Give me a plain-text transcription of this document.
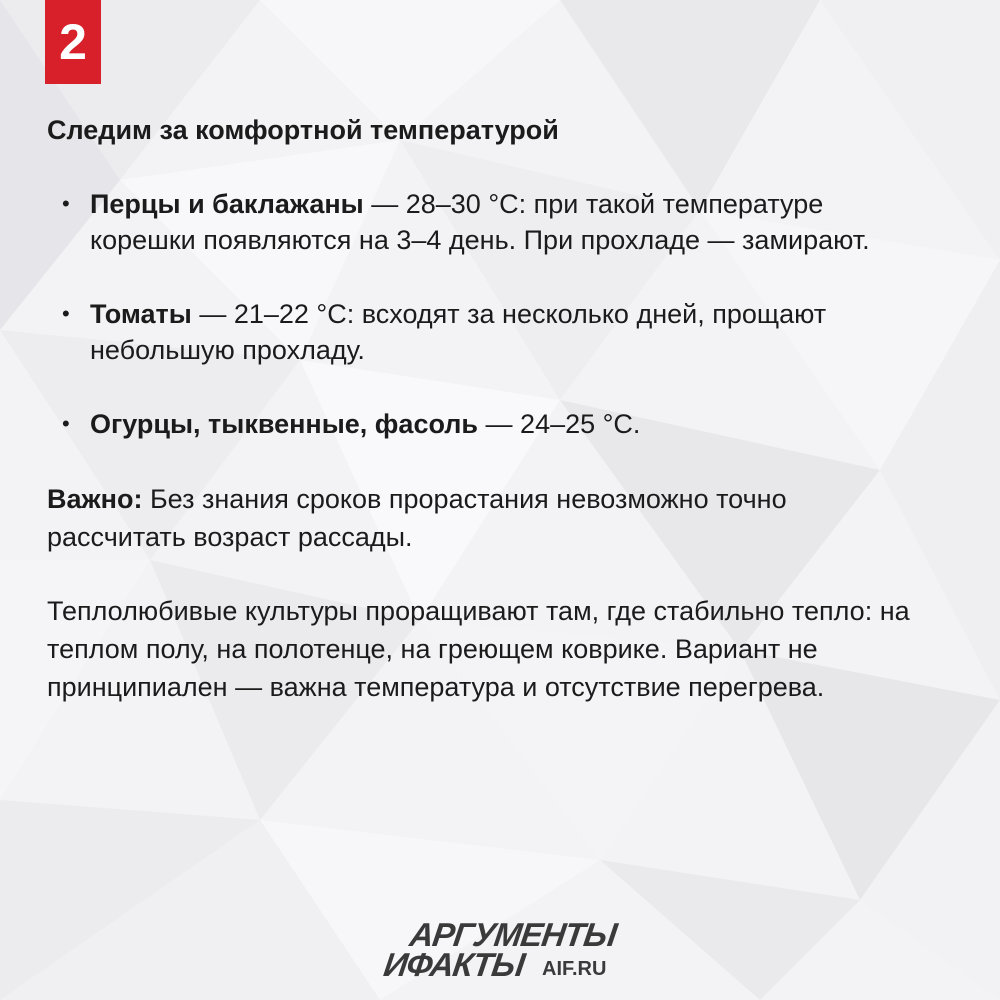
2
Следим за комфортной температурой
• Перцы и баклажаны — 28–30 °С: при такой температуре корешки появляются на 3–4 день. При прохладе — замирают.
• Томаты — 21–22 °С: всходят за несколько дней, прощают небольшую прохладу.
• Огурцы, тыквенные, фасоль — 24–25 °С.

Важно: Без знания сроков прорастания невозможно точно рассчитать возраст рассады.

Теплолюбивые культуры проращивают там, где стабильно тепло: на теплом полу, на полотенце, на греющем коврике. Вариант не принципиален — важна температура и отсутствие перегрева.

АРГУМЕНТЫ
ИФАКТЫ AIF.RU
